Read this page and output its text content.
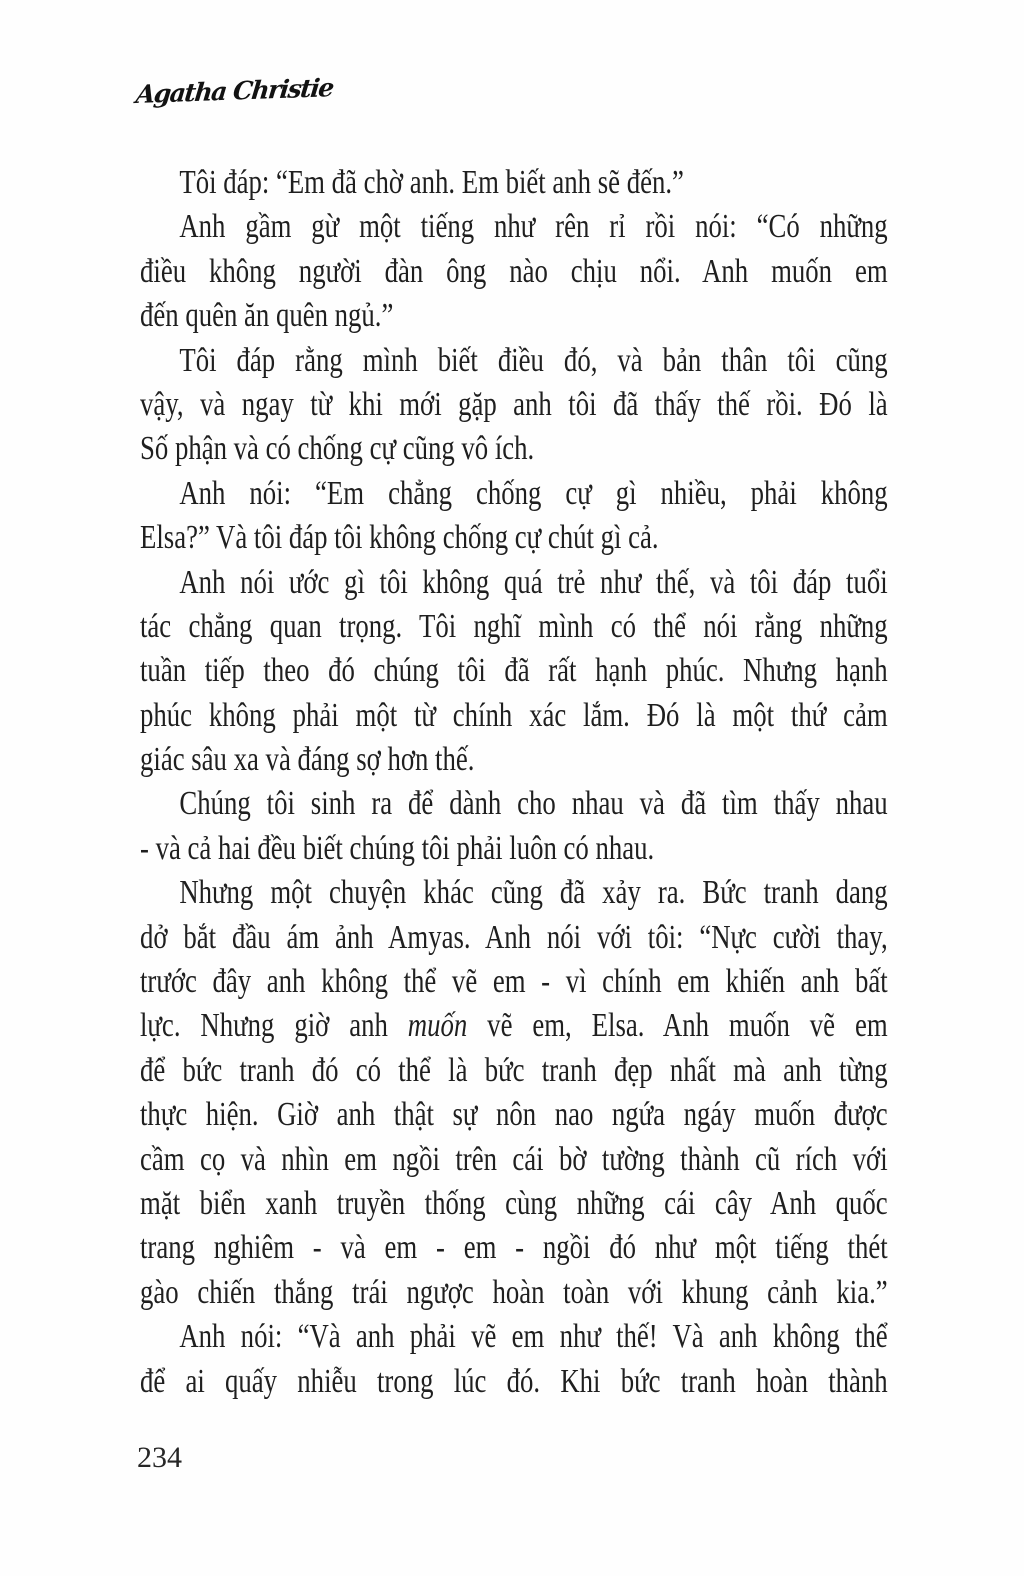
Agatha Christie
Tôi đáp: “Em đã chờ anh. Em biết anh sẽ đến.”
Anh gầm gừ một tiếng như rên rỉ rồi nói: “Có những
điều không người đàn ông nào chịu nổi. Anh muốn em
đến quên ăn quên ngủ.”
Tôi đáp rằng mình biết điều đó, và bản thân tôi cũng
vậy, và ngay từ khi mới gặp anh tôi đã thấy thế rồi. Đó là
Số phận và có chống cự cũng vô ích.
Anh nói: “Em chẳng chống cự gì nhiều, phải không
Elsa?” Và tôi đáp tôi không chống cự chút gì cả.
Anh nói ước gì tôi không quá trẻ như thế, và tôi đáp tuổi
tác chẳng quan trọng. Tôi nghĩ mình có thể nói rằng những
tuần tiếp theo đó chúng tôi đã rất hạnh phúc. Nhưng hạnh
phúc không phải một từ chính xác lắm. Đó là một thứ cảm
giác sâu xa và đáng sợ hơn thế.
Chúng tôi sinh ra để dành cho nhau và đã tìm thấy nhau
- và cả hai đều biết chúng tôi phải luôn có nhau.
Nhưng một chuyện khác cũng đã xảy ra. Bức tranh dang
dở bắt đầu ám ảnh Amyas. Anh nói với tôi: “Nực cười thay,
trước đây anh không thể vẽ em - vì chính em khiến anh bất
lực. Nhưng giờ anh muốn vẽ em, Elsa. Anh muốn vẽ em
để bức tranh đó có thể là bức tranh đẹp nhất mà anh từng
thực hiện. Giờ anh thật sự nôn nao ngứa ngáy muốn được
cầm cọ và nhìn em ngồi trên cái bờ tường thành cũ rích với
mặt biển xanh truyền thống cùng những cái cây Anh quốc
trang nghiêm - và em - em - ngồi đó như một tiếng thét
gào chiến thắng trái ngược hoàn toàn với khung cảnh kia.”
Anh nói: “Và anh phải vẽ em như thế! Và anh không thể
để ai quấy nhiễu trong lúc đó. Khi bức tranh hoàn thành
234
